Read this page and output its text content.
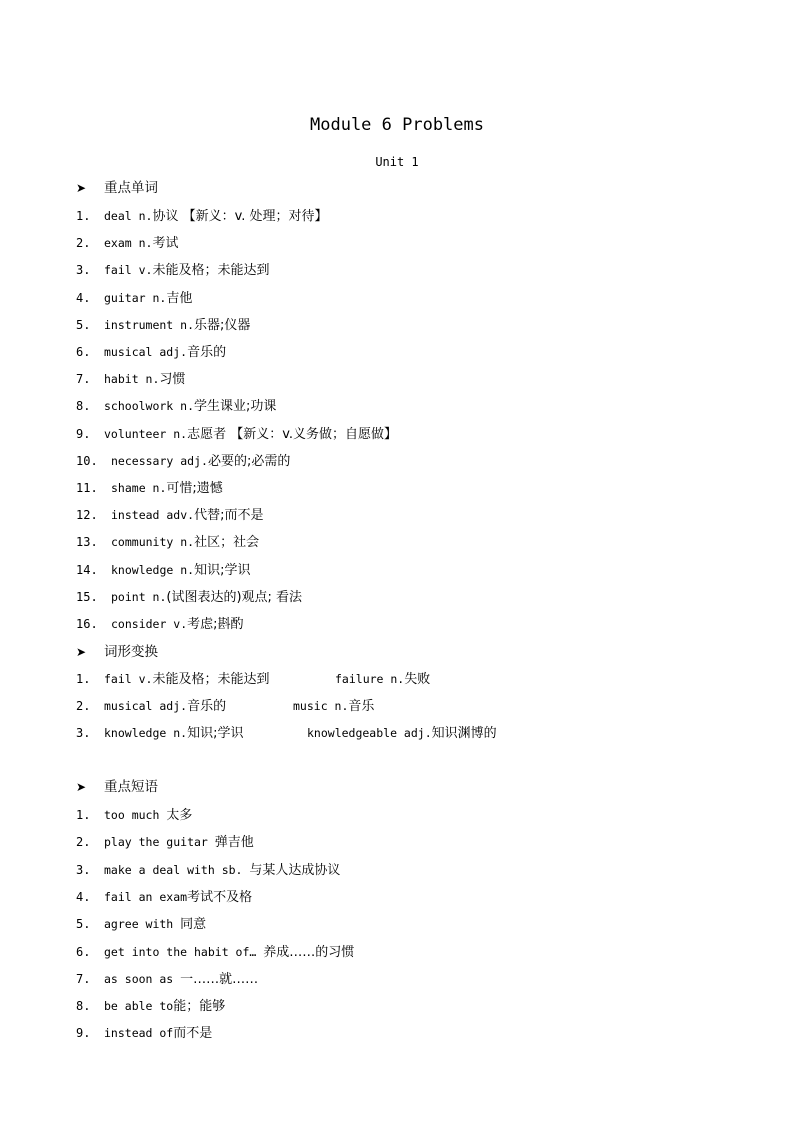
Module 6 Problems
Unit 1
➤ 重点单词
1. deal n.协议 【新义：v. 处理；对待】
2. exam n.考试
3. fail v.未能及格；未能达到
4. guitar n.吉他
5. instrument n.乐器;仪器
6. musical adj.音乐的
7. habit n.习惯
8. schoolwork n.学生课业;功课
9. volunteer n.志愿者 【新义：v.义务做；自愿做】
10. necessary adj.必要的;必需的
11. shame n.可惜;遗憾
12. instead adv.代替;而不是
13. community n.社区；社会
14. knowledge n.知识;学识
15. point n.(试图表达的)观点; 看法
16. consider v.考虑;斟酌
➤ 词形变换
1. fail v.未能及格；未能达到	failure n.失败
2. musical adj.音乐的	music n.音乐
3. knowledge n.知识;学识	knowledgeable adj.知识渊博的
➤ 重点短语
1. too much 太多
2. play the guitar 弹吉他
3. make a deal with sb. 与某人达成协议
4. fail an exam考试不及格
5. agree with 同意
6. get into the habit of… 养成……的习惯
7. as soon as 一……就……
8. be able to能；能够
9. instead of而不是
